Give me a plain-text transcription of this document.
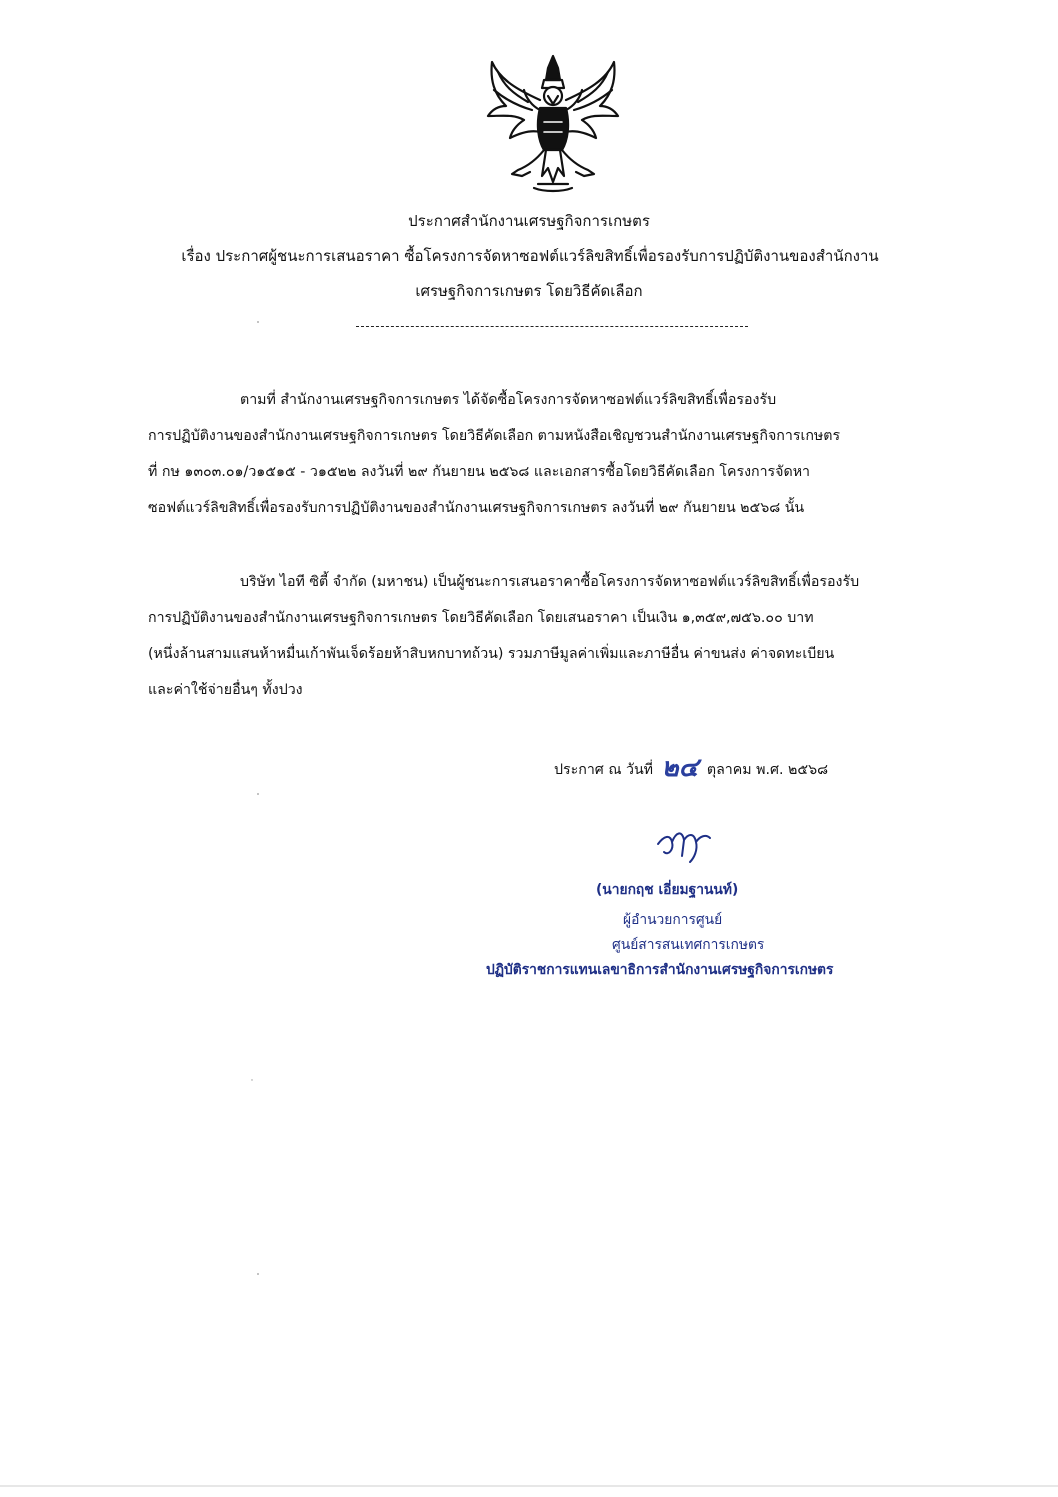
ประกาศสำนักงานเศรษฐกิจการเกษตร
เรื่อง ประกาศผู้ชนะการเสนอราคา ซื้อโครงการจัดหาซอฟต์แวร์ลิขสิทธิ์เพื่อรองรับการปฏิบัติงานของสำนักงาน
เศรษฐกิจการเกษตร โดยวิธีคัดเลือก
ตามที่ สำนักงานเศรษฐกิจการเกษตร ได้จัดซื้อโครงการจัดหาซอฟต์แวร์ลิขสิทธิ์เพื่อรองรับ
การปฏิบัติงานของสำนักงานเศรษฐกิจการเกษตร โดยวิธีคัดเลือก ตามหนังสือเชิญชวนสำนักงานเศรษฐกิจการเกษตร
ที่ กษ ๑๓๐๓.๐๑/ว๑๕๑๕ - ว๑๕๒๒ ลงวันที่ ๒๙ กันยายน ๒๕๖๘ และเอกสารซื้อโดยวิธีคัดเลือก โครงการจัดหา
ซอฟต์แวร์ลิขสิทธิ์เพื่อรองรับการปฏิบัติงานของสำนักงานเศรษฐกิจการเกษตร ลงวันที่ ๒๙ กันยายน ๒๕๖๘ นั้น
บริษัท ไอที ซิตี้ จำกัด (มหาชน) เป็นผู้ชนะการเสนอราคาซื้อโครงการจัดหาซอฟต์แวร์ลิขสิทธิ์เพื่อรองรับ
การปฏิบัติงานของสำนักงานเศรษฐกิจการเกษตร โดยวิธีคัดเลือก โดยเสนอราคา เป็นเงิน ๑,๓๕๙,๗๕๖.๐๐ บาท
(หนึ่งล้านสามแสนห้าหมื่นเก้าพันเจ็ดร้อยห้าสิบหกบาทถ้วน) รวมภาษีมูลค่าเพิ่มและภาษีอื่น ค่าขนส่ง ค่าจดทะเบียน
และค่าใช้จ่ายอื่นๆ ทั้งปวง
ประกาศ ณ วันที่ ๒๔ ตุลาคม พ.ศ. ๒๕๖๘
(นายกฤช เอี่ยมฐานนท์)
ผู้อำนวยการศูนย์
ศูนย์สารสนเทศการเกษตร
ปฏิบัติราชการแทนเลขาธิการสำนักงานเศรษฐกิจการเกษตร
